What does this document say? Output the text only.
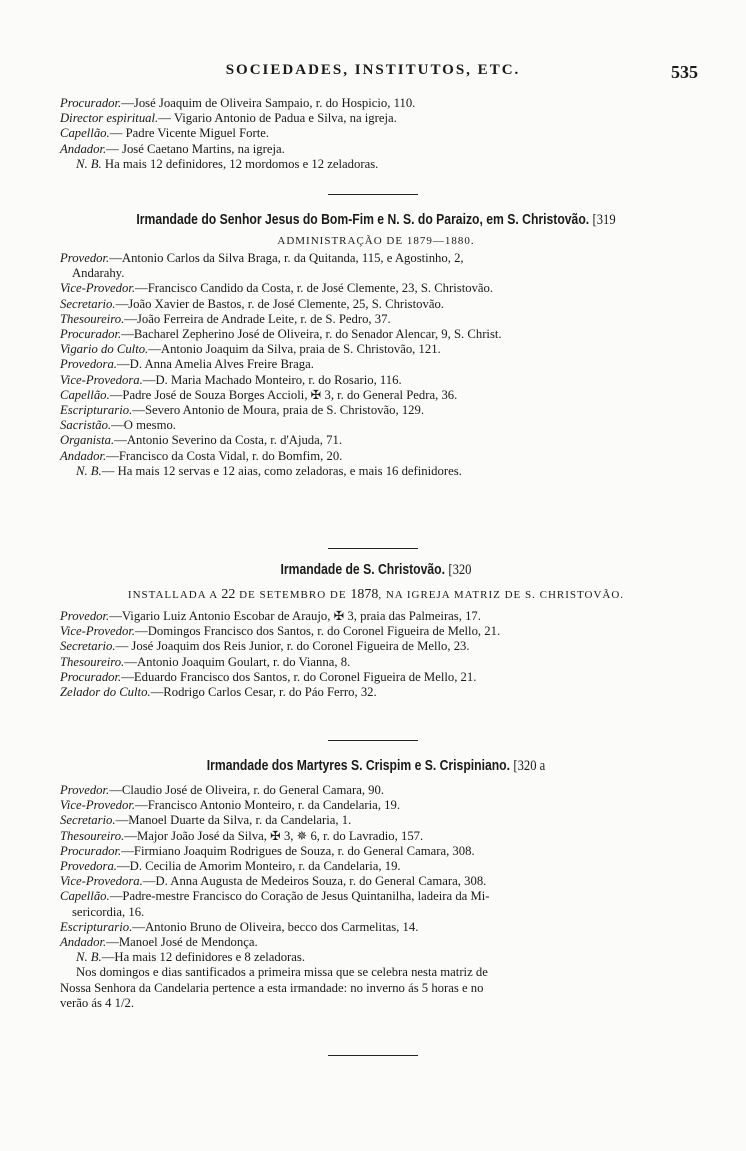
SOCIEDADES, INSTITUTOS, ETC.	535
Procurador.—José Joaquim de Oliveira Sampaio, r. do Hospicio, 110.
Director espiritual.— Vigario Antonio de Padua e Silva, na igreja.
Capellão.— Padre Vicente Miguel Forte.
Andador.— José Caetano Martins, na igreja.
N. B. Ha mais 12 definidores, 12 mordomos e 12 zeladoras.
Irmandade do Senhor Jesus do Bom-Fim e N. S. do Paraizo, em S. Christovão. [319
ADMINISTRAÇÃO DE 1879—1880.
Provedor.—Antonio Carlos da Silva Braga, r. da Quitanda, 115, e Agostinho, 2,
Andarahy.
Vice-Provedor.—Francisco Candido da Costa, r. de José Clemente, 23, S. Christovão.
Secretario.—João Xavier de Bastos, r. de José Clemente, 25, S. Christovão.
Thesoureiro.—João Ferreira de Andrade Leite, r. de S. Pedro, 37.
Procurador.—Bacharel Zepherino José de Oliveira, r. do Senador Alencar, 9, S. Christ.
Vigario do Culto.—Antonio Joaquim da Silva, praia de S. Christovão, 121.
Provedora.—D. Anna Amelia Alves Freire Braga.
Vice-Provedora.—D. Maria Machado Monteiro, r. do Rosario, 116.
Capellão.—Padre José de Souza Borges Accioli, ✠ 3, r. do General Pedra, 36.
Escripturario.—Severo Antonio de Moura, praia de S. Christovão, 129.
Sacristão.—O mesmo.
Organista.—Antonio Severino da Costa, r. d'Ajuda, 71.
Andador.—Francisco da Costa Vidal, r. do Bomfim, 20.
N. B.— Ha mais 12 servas e 12 aias, como zeladoras, e mais 16 definidores.
Irmandade de S. Christovão. [320
INSTALLADA A 22 DE SETEMBRO DE 1878, NA IGREJA MATRIZ DE S. CHRISTOVÃO.
Provedor.—Vigario Luiz Antonio Escobar de Araujo, ✠ 3, praia das Palmeiras, 17.
Vice-Provedor.—Domingos Francisco dos Santos, r. do Coronel Figueira de Mello, 21.
Secretario.— José Joaquim dos Reis Junior, r. do Coronel Figueira de Mello, 23.
Thesoureiro.—Antonio Joaquim Goulart, r. do Vianna, 8.
Procurador.—Eduardo Francisco dos Santos, r. do Coronel Figueira de Mello, 21.
Zelador do Culto.—Rodrigo Carlos Cesar, r. do Páo Ferro, 32.
Irmandade dos Martyres S. Crispim e S. Crispiniano. [320 a
Provedor.—Claudio José de Oliveira, r. do General Camara, 90.
Vice-Provedor.—Francisco Antonio Monteiro, r. da Candelaria, 19.
Secretario.—Manoel Duarte da Silva, r. da Candelaria, 1.
Thesoureiro.—Major João José da Silva, ✠ 3, ✵ 6, r. do Lavradio, 157.
Procurador.—Firmiano Joaquim Rodrigues de Souza, r. do General Camara, 308.
Provedora.—D. Cecilia de Amorim Monteiro, r. da Candelaria, 19.
Vice-Provedora.—D. Anna Augusta de Medeiros Souza, r. do General Camara, 308.
Capellão.—Padre-mestre Francisco do Coração de Jesus Quintanilha, ladeira da Mi-
sericordia, 16.
Escripturario.—Antonio Bruno de Oliveira, becco dos Carmelitas, 14.
Andador.—Manoel José de Mendonça.
N. B.—Ha mais 12 definidores e 8 zeladoras.
Nos domingos e dias santificados a primeira missa que se celebra nesta matriz de
Nossa Senhora da Candelaria pertence a esta irmandade: no inverno ás 5 horas e no
verão ás 4 1/2.
